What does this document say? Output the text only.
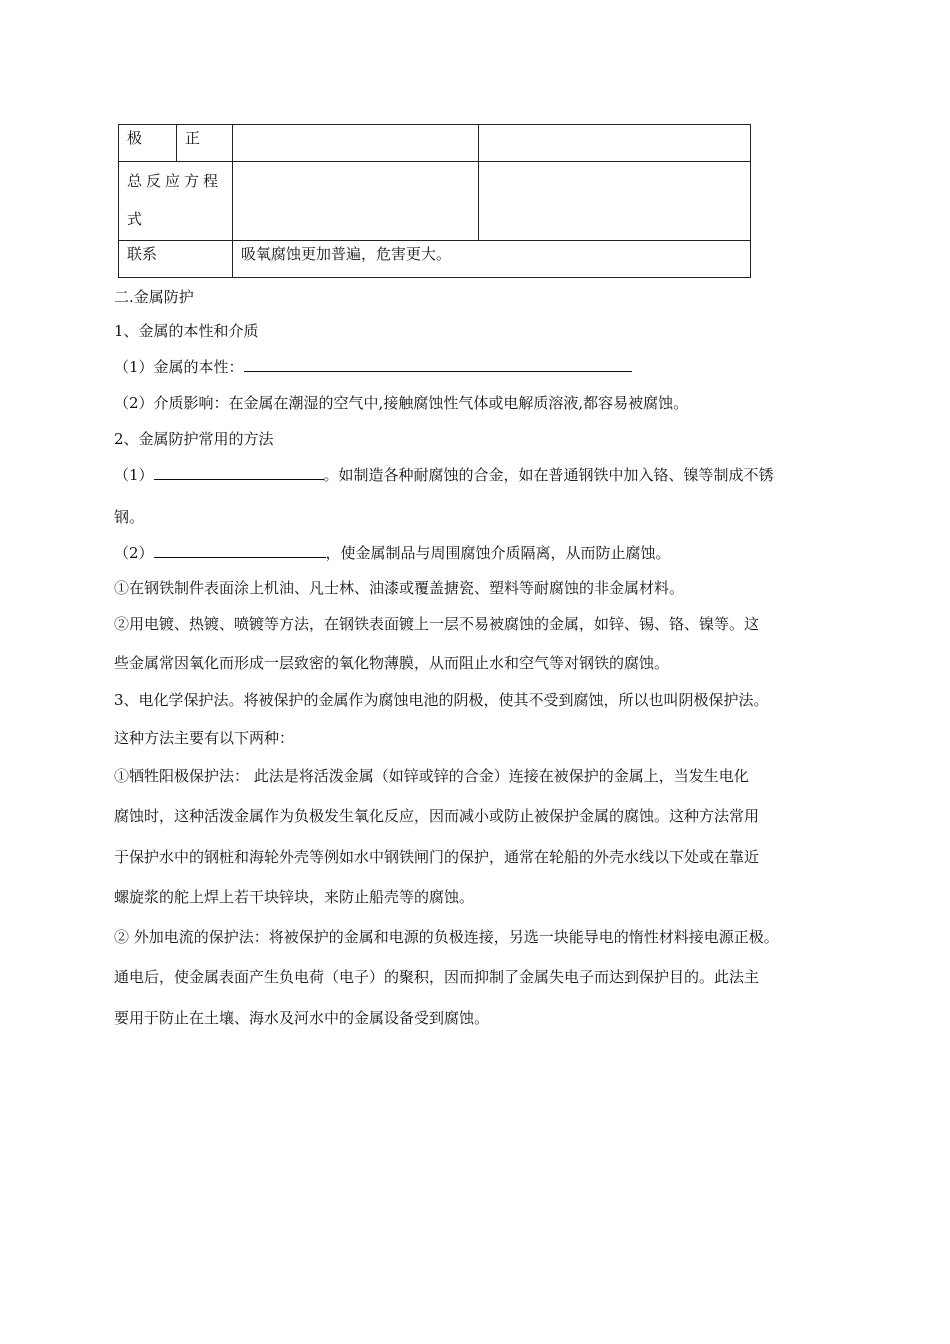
极	正		

总反应方程
式			

联系		吸氧腐蚀更加普遍，危害更大。	
二.金属防护
1、金属的本性和介质
（1）金属的本性：
（2）介质影响：在金属在潮湿的空气中,接触腐蚀性气体或电解质溶液,都容易被腐蚀。
2、金属防护常用的方法
（1）	。如制造各种耐腐蚀的合金，如在普通钢铁中加入铬、镍等制成不锈
钢。
（2）	，使金属制品与周围腐蚀介质隔离，从而防止腐蚀。
①在钢铁制件表面涂上机油、凡士林、油漆或覆盖搪瓷、塑料等耐腐蚀的非金属材料。
②用电镀、热镀、喷镀等方法，在钢铁表面镀上一层不易被腐蚀的金属，如锌、锡、铬、镍等。这
些金属常因氧化而形成一层致密的氧化物薄膜，从而阻止水和空气等对钢铁的腐蚀。
3、电化学保护法。将被保护的金属作为腐蚀电池的阴极，使其不受到腐蚀，所以也叫阴极保护法。
这种方法主要有以下两种：
①牺牲阳极保护法： 此法是将活泼金属（如锌或锌的合金）连接在被保护的金属上，当发生电化
腐蚀时，这种活泼金属作为负极发生氧化反应，因而减小或防止被保护金属的腐蚀。这种方法常用
于保护水中的钢桩和海轮外壳等例如水中钢铁闸门的保护，通常在轮船的外壳水线以下处或在靠近
螺旋浆的舵上焊上若干块锌块，来防止船壳等的腐蚀。
② 外加电流的保护法：将被保护的金属和电源的负极连接，另选一块能导电的惰性材料接电源正极。
通电后，使金属表面产生负电荷（电子）的聚积，因而抑制了金属失电子而达到保护目的。此法主
要用于防止在土壤、海水及河水中的金属设备受到腐蚀。
